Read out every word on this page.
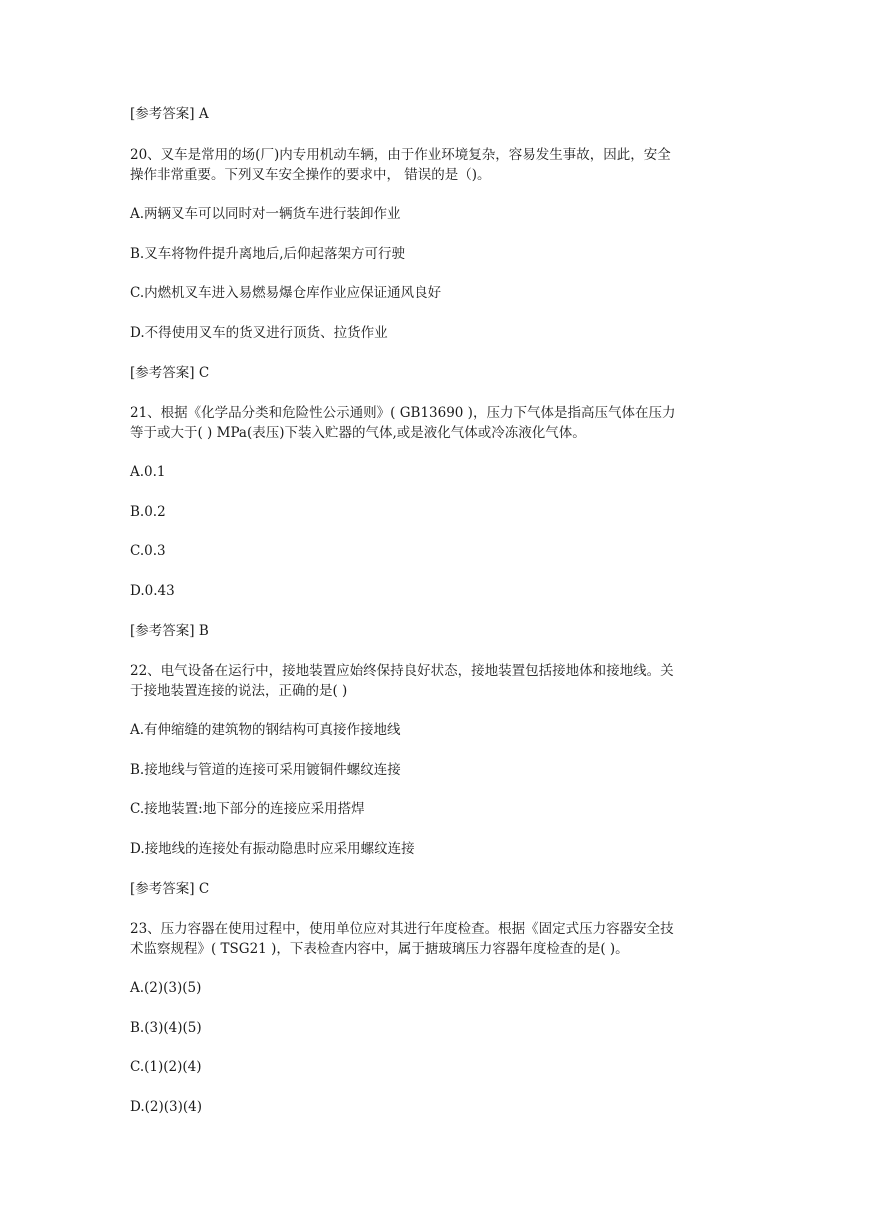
[参考答案] A
20、叉车是常用的场(厂)内专用机动车辆，由于作业环境复杂，容易发生事故，因此，安全
操作非常重要。下列叉车安全操作的要求中， 错误的是（)。
A.两辆叉车可以同时对一辆货车进行装卸作业
B.叉车将物件提升离地后,后仰起落架方可行驶
C.内燃机叉车进入易燃易爆仓库作业应保证通风良好
D.不得使用叉车的货叉进行顶货、拉货作业
[参考答案] C
21、根据《化学品分类和危险性公示通则》( GB13690 )，压力下气体是指高压气体在压力
等于或大于( ) MPa(表压)下装入贮器的气体,或是液化气体或冷冻液化气体。
A.0.1
B.0.2
C.0.3
D.0.43
[参考答案] B
22、电气设备在运行中，接地装置应始终保持良好状态，接地装置包括接地体和接地线。关
于接地装置连接的说法，正确的是( )
A.有伸缩缝的建筑物的钢结构可真接作接地线
B.接地线与管道的连接可采用镀铜件螺纹连接
C.接地装置:地下部分的连接应采用搭焊
D.接地线的连接处有振动隐患时应采用螺纹连接
[参考答案] C
23、压力容器在使用过程中，使用单位应对其进行年度检查。根据《固定式压力容器安全技
术监察规程》( TSG21 )，下表检查内容中，属于搪玻璃压力容器年度检查的是( )。
A.(2)(3)(5)
B.(3)(4)(5)
C.(1)(2)(4)
D.(2)(3)(4)
